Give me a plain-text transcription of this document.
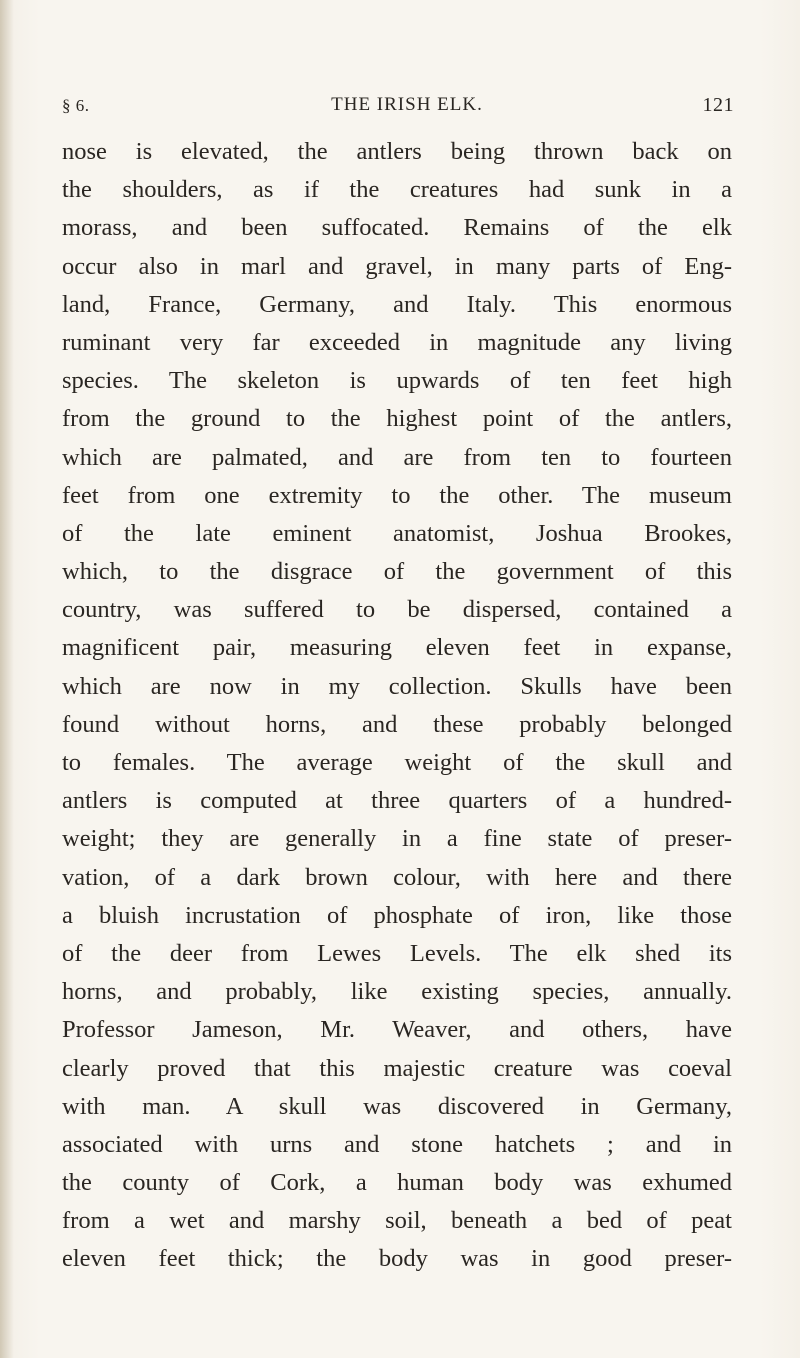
§ 6.	THE IRISH ELK.	121
nose is elevated, the antlers being thrown back on
the shoulders, as if the creatures had sunk in a
morass, and been suffocated. Remains of the elk
occur also in marl and gravel, in many parts of Eng-
land, France, Germany, and Italy. This enormous
ruminant very far exceeded in magnitude any living
species. The skeleton is upwards of ten feet high
from the ground to the highest point of the antlers,
which are palmated, and are from ten to fourteen
feet from one extremity to the other. The museum
of the late eminent anatomist, Joshua Brookes,
which, to the disgrace of the government of this
country, was suffered to be dispersed, contained a
magnificent pair, measuring eleven feet in expanse,
which are now in my collection. Skulls have been
found without horns, and these probably belonged
to females. The average weight of the skull and
antlers is computed at three quarters of a hundred-
weight; they are generally in a fine state of preser-
vation, of a dark brown colour, with here and there
a bluish incrustation of phosphate of iron, like those
of the deer from Lewes Levels. The elk shed its
horns, and probably, like existing species, annually.
Professor Jameson, Mr. Weaver, and others, have
clearly proved that this majestic creature was coeval
with man. A skull was discovered in Germany,
associated with urns and stone hatchets ; and in
the county of Cork, a human body was exhumed
from a wet and marshy soil, beneath a bed of peat
eleven feet thick; the body was in good preser-
